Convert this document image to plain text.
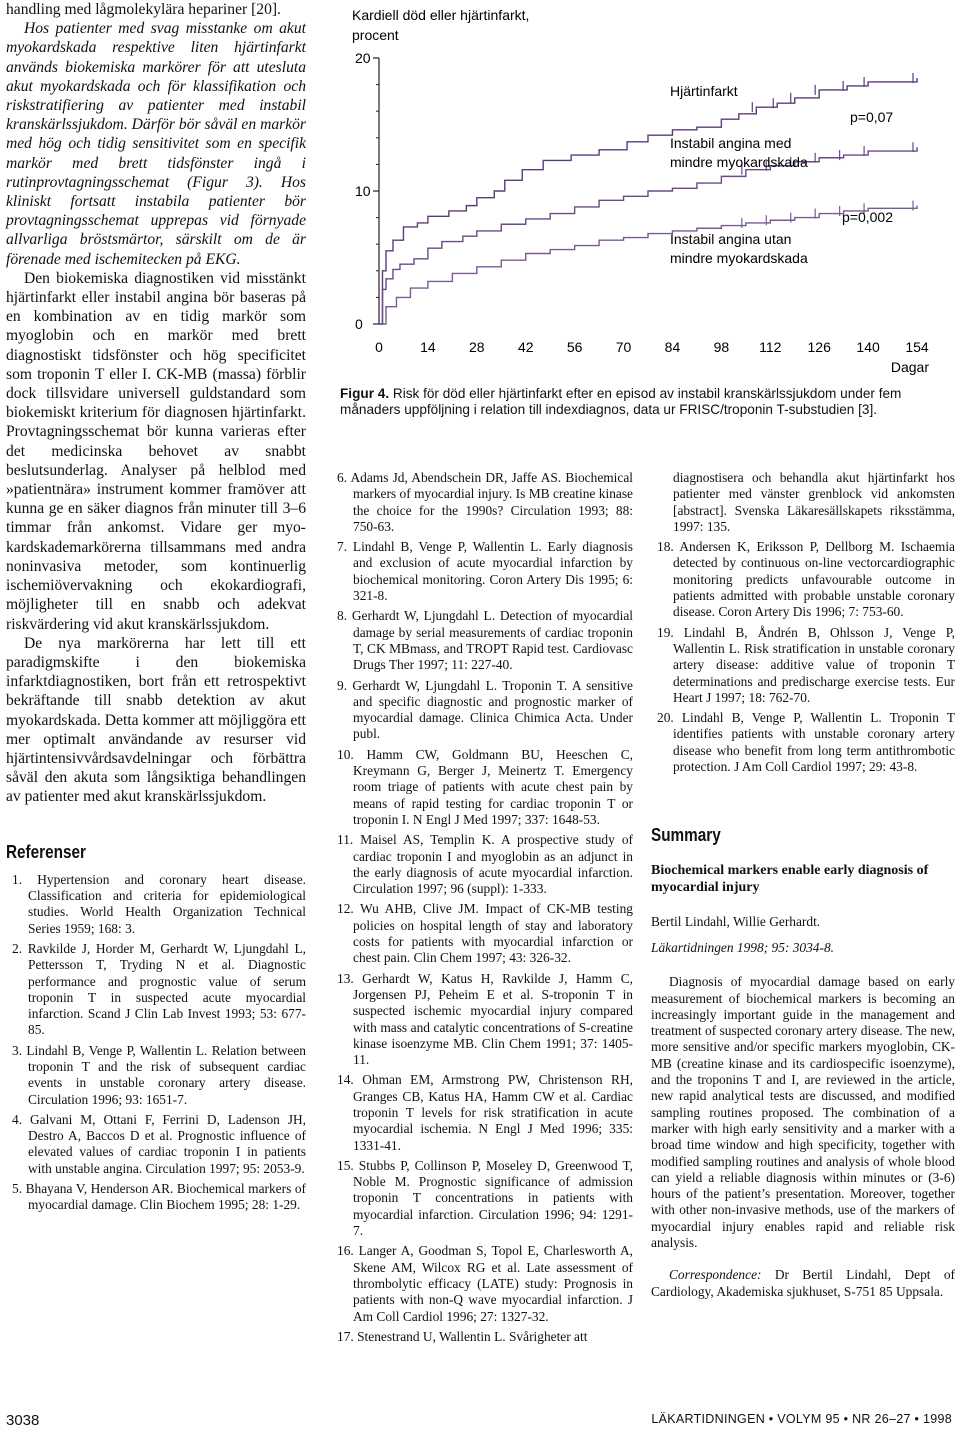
handling med lågmolekylära hepariner [20].

Hos patienter med svag misstanke om akut myokardskada respektive liten hjärtinfarkt används biokemiska markörer för att utesluta akut myokardskada och för klassifikation och riskstratifiering av patienter med instabil kranskärlssjukdom. Därför bör såväl en markör med hög och tidig sensitivitet som en specifik markör med brett tidsfönster ingå i rutinprovtagningsschemat (Figur 3). Hos kliniskt fortsatt instabila patienter bör provtagningsschemat upprepas vid förnyade allvarliga bröstsmärtor, särskilt om de är förenade med ischemitecken på EKG.

Den biokemiska diagnostiken vid misstänkt hjärtinfarkt eller instabil angina bör baseras på en kombination av en tidig markör som myoglobin och en markör med brett diagnostiskt tidsfönster och hög specificitet som troponin T eller I. CK-MB (massa) förblir dock tillsvidare universell guldstandard som biokemiskt kriterium för diagnosen hjärtinfarkt. Provtagningsschemat bör kunna varieras efter det medicinska behovet av snabbt beslutsunderlag. Analyser på helblod med »patientnära» instrument kommer framöver att kunna ge en säker diagnos från minuter till 3–6 timmar från ankomst. Vidare ger myo-kardskademarkörerna tillsammans med andra noninvasiva metoder, som kontinuerlig ischemiövervakning och ekokardiografi, möjligheter till en snabb och adekvat riskvärdering vid akut kranskärlssjukdom.

De nya markörerna har lett till ett paradigmskifte i den biokemiska infarktdiagnostiken, bort från ett retrospektivt bekräftande till snabb detektion av akut myokardskada. Detta kommer att möjliggöra ett mer optimalt användande av resurser vid hjärtintensivvårdsavdelningar och förbättra såväl den akuta som långsiktiga behandlingen av patienter med akut kranskärlssjukdom.

Referenser
1. Hypertension and coronary heart disease. Classification and criteria for epidemiological studies. World Health Organization Technical Series 1959; 168: 3.
2. Ravkilde J, Horder M, Gerhardt W, Ljungdahl L, Pettersson T, Tryding N et al. Diagnostic performance and prognostic value of serum troponin T in suspected acute myocardial infarction. Scand J Clin Lab Invest 1993; 53: 677-85.
3. Lindahl B, Venge P, Wallentin L. Relation between troponin T and the risk of subsequent cardiac events in unstable coronary artery disease. Circulation 1996; 93: 1651-7.
4. Galvani M, Ottani F, Ferrini D, Ladenson JH, Destro A, Baccos D et al. Prognostic influence of elevated values of cardiac troponin I in patients with unstable angina. Circulation 1997; 95: 2053-9.
5. Bhayana V, Henderson AR. Biochemical markers of myocardial damage. Clin Biochem 1995; 28: 1-29.
Kardiell död eller hjärtinfarkt,
procent
0
10
20
0	14 28 42 56 70 84 98 112 126 140 154
Dagar
Hjärtinfarkt
Instabil angina med
mindre myokardskada
Instabil angina utan
mindre myokardskada
p=0,07
p=0,002
Figur 4. Risk för död eller hjärtinfarkt efter en episod av instabil kranskärlssjukdom under fem månaders uppföljning i relation till indexdiagnos, data ur FRISC/troponin T-substudien [3].
6. Adams Jd, Abendschein DR, Jaffe AS. Biochemical markers of myocardial injury. Is MB creatine kinase the choice for the 1990s? Circulation 1993; 88: 750-63.
7. Lindahl B, Venge P, Wallentin L. Early diagnosis and exclusion of acute myocardial infarction by biochemical monitoring. Coron Artery Dis 1995; 6: 321-8.
8. Gerhardt W, Ljungdahl L. Detection of myocardial damage by serial measurements of cardiac troponin T, CK MBmass, and TROPT Rapid test. Cardiovasc Drugs Ther 1997; 11: 227-40.
9. Gerhardt W, Ljungdahl L. Troponin T. A sensitive and specific diagnostic and prognostic marker of myocardial damage. Clinica Chimica Acta. Under publ.
10. Hamm CW, Goldmann BU, Heeschen C, Kreymann G, Berger J, Meinertz T. Emergency room triage of patients with acute chest pain by means of rapid testing for cardiac troponin T or troponin I. N Engl J Med 1997; 337: 1648-53.
11. Maisel AS, Templin K. A prospective study of cardiac troponin I and myoglobin as an adjunct in the early diagnosis of acute myocardial infarction. Circulation 1997; 96 (suppl): 1-333.
12. Wu AHB, Clive JM. Impact of CK-MB testing policies on hospital length of stay and laboratory costs for patients with myocardial infarction or chest pain. Clin Chem 1997; 43: 326-32.
13. Gerhardt W, Katus H, Ravkilde J, Hamm C, Jorgensen PJ, Peheim E et al. S-troponin T in suspected ischemic myocardial injury compared with mass and catalytic concentrations of S-creatine kinase isoenzyme MB. Clin Chem 1991; 37: 1405-11.
14. Ohman EM, Armstrong PW, Christenson RH, Granges CB, Katus HA, Hamm CW et al. Cardiac troponin T levels for risk stratification in acute myocardial ischemia. N Engl J Med 1996; 335: 1331-41.
15. Stubbs P, Collinson P, Moseley D, Greenwood T, Noble M. Prognostic significance of admission troponin T concentrations in patients with myocardial infarction. Circulation 1996; 94: 1291-7.
16. Langer A, Goodman S, Topol E, Charlesworth A, Skene AM, Wilcox RG et al. Late assessment of thrombolytic efficacy (LATE) study: Prognosis in patients with non-Q wave myocardial infarction. J Am Coll Cardiol 1996; 27: 1327-32.
17. Stenestrand U, Wallentin L. Svårigheter att
diagnostisera och behandla akut hjärtinfarkt hos patienter med vänster grenblock vid ankomsten [abstract]. Svenska Läkaresällskapets riksstämma, 1997: 135.
18. Andersen K, Eriksson P, Dellborg M. Ischaemia detected by continuous on-line vectorcardiographic monitoring predicts unfavourable outcome in patients admitted with probable unstable coronary disease. Coron Artery Dis 1996; 7: 753-60.
19. Lindahl B, Åndrén B, Ohlsson J, Venge P, Wallentin L. Risk stratification in unstable coronary artery disease: additive value of troponin T determinations and predischarge exercise tests. Eur Heart J 1997; 18: 762-70.
20. Lindahl B, Venge P, Wallentin L. Troponin T identifies patients with unstable coronary artery disease who benefit from long term antithrombotic protection. J Am Coll Cardiol 1997; 29: 43-8.
Summary

Biochemical markers enable early diagnosis of myocardial injury

Bertil Lindahl, Willie Gerhardt.

Läkartidningen 1998; 95: 3034-8.

Diagnosis of myocardial damage based on early measurement of biochemical markers is becoming an increasingly important guide in the management and treatment of suspected coronary artery disease. The new, more sensitive and/or specific markers myoglobin, CK-MB (creatine kinase and its cardiospecific isoenzyme), and the troponins T and I, are reviewed in the article, new rapid analytical tests are discussed, and modified sampling routines proposed. The combination of a marker with high early sensitivity and a marker with a broad time window and high specificity, together with modified sampling routines and analysis of whole blood can yield a reliable diagnosis within minutes or (3-6) hours of the patient’s presentation. Moreover, together with other non-invasive methods, use of the markers of myocardial injury enables rapid and reliable risk analysis.

Correspondence: Dr Bertil Lindahl, Dept of Cardiology, Akademiska sjukhuset, S-751 85 Uppsala.

3038	LÄKARTIDNINGEN • VOLYM 95 • NR 26–27 • 1998
